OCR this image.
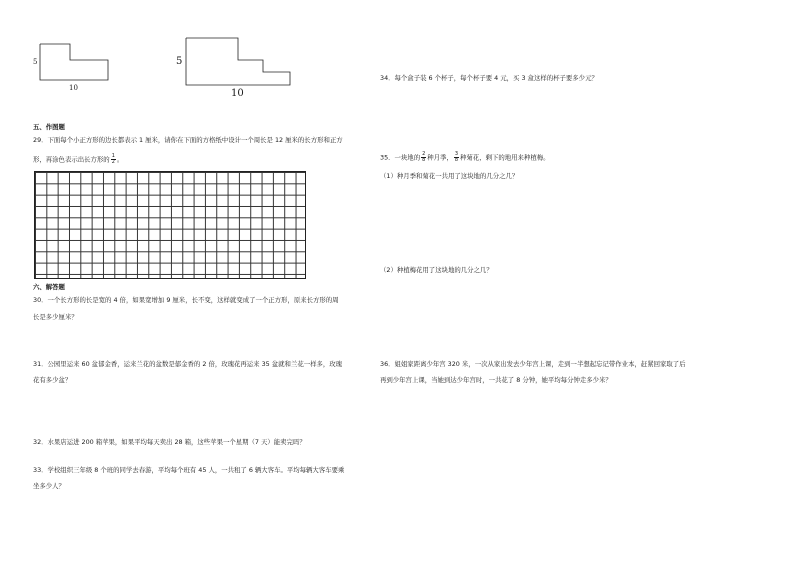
5
10
5
10
五、作图题
29．下面每个小正方形的边长都表示 1 厘米，请你在下面的方格纸中设计一个周长是 12 厘米的长方形和正方
形，再涂色表示出长方形的 $\frac{1}{2}$ 。
六、解答题
30．一个长方形的长是宽的 4 倍，如果宽增加 9 厘米，长不变，这样就变成了一个正方形，原来长方形的周
长是多少厘米？
31．公园里运来 60 盆郁金香，运来兰花的盆数是郁金香的 2 倍，玫瑰花再运来 35 盆就和兰花一样多，玫瑰
花有多少盆？
32．水果店运进 200 箱苹果，如果平均每天卖出 28 箱，这些苹果一个星期（7 天）能卖完吗？
33．学校组织三年级 8 个班的同学去春游，平均每个班有 45 人，一共租了 6 辆大客车。平均每辆大客车要乘
坐多少人？
34．每个盒子装 6 个杯子，每个杯子要 4 元，买 3 盒这样的杯子要多少元？
35．一块地的 $\frac{2}{8}$ 种月季， $\frac{3}{8}$ 种菊花，剩下的地用来种植梅。
（1）种月季和菊花一共用了这块地的几分之几？
（2）种植梅花用了这块地的几分之几？
36．姐姐家距离少年宫 320 米，一次从家出发去少年宫上课，走到一半想起忘记带作业本，赶紧回家取了后
再到少年宫上课，当她到达少年宫时，一共花了 8 分钟，她平均每分钟走多少米？
